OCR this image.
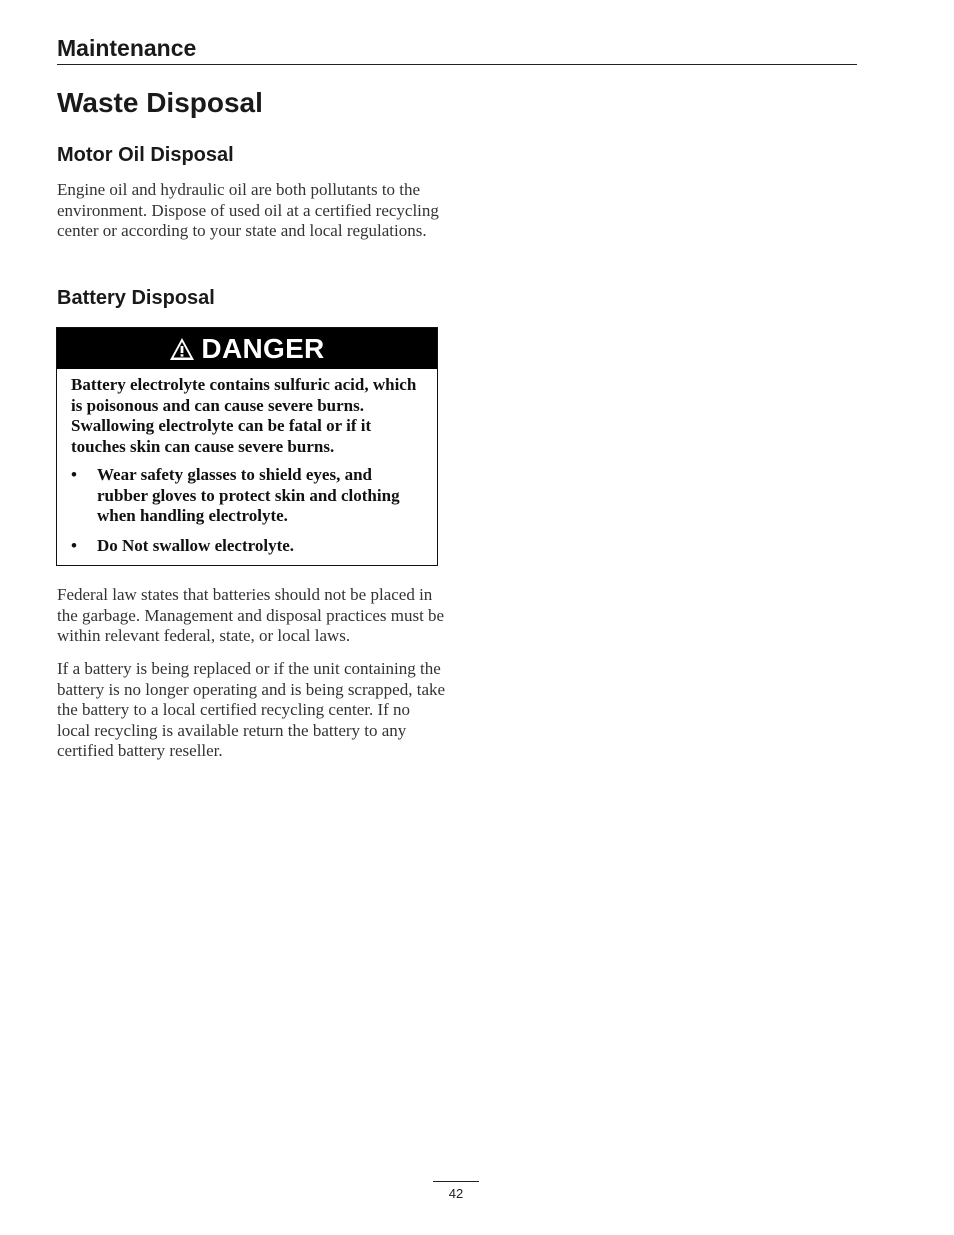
Maintenance
Waste Disposal
Motor Oil Disposal

Engine oil and hydraulic oil are both pollutants to the environment. Dispose of used oil at a certified recycling center or according to your state and local regulations.

Battery Disposal
DANGER

Battery electrolyte contains sulfuric acid, which is poisonous and can cause severe burns. Swallowing electrolyte can be fatal or if it touches skin can cause severe burns.

• Wear safety glasses to shield eyes, and rubber gloves to protect skin and clothing when handling electrolyte.
• Do Not swallow electrolyte.

Federal law states that batteries should not be placed in the garbage. Management and disposal practices must be within relevant federal, state, or local laws.

If a battery is being replaced or if the unit containing the battery is no longer operating and is being scrapped, take the battery to a local certified recycling center. If no local recycling is available return the battery to any certified battery reseller.

42
